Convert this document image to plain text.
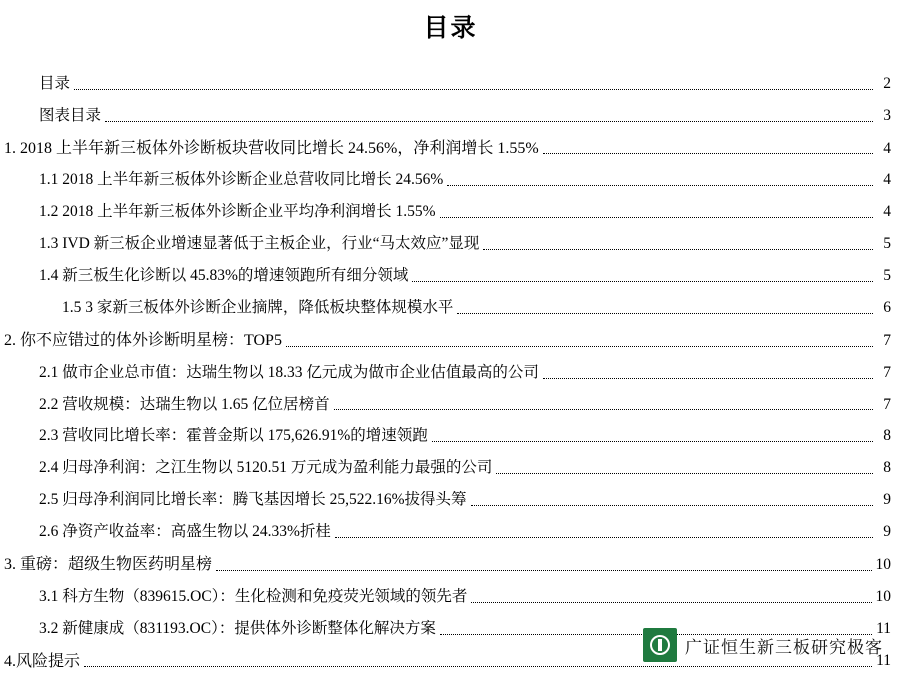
目录
目录	2
图表目录	3
1. 2018 上半年新三板体外诊断板块营收同比增长 24.56%，净利润增长 1.55%	4
1.1 2018 上半年新三板体外诊断企业总营收同比增长 24.56%	4
1.2 2018 上半年新三板体外诊断企业平均净利润增长 1.55%	4
1.3 IVD 新三板企业增速显著低于主板企业，行业“马太效应”显现	5
1.4 新三板生化诊断以 45.83%的增速领跑所有细分领域	5
1.5 3 家新三板体外诊断企业摘牌，降低板块整体规模水平	6
2. 你不应错过的体外诊断明星榜：TOP5	7
2.1 做市企业总市值：达瑞生物以 18.33 亿元成为做市企业估值最高的公司	7
2.2 营收规模：达瑞生物以 1.65 亿位居榜首	7
2.3 营收同比增长率：霍普金斯以 175,626.91%的增速领跑	8
2.4 归母净利润：之江生物以 5120.51 万元成为盈利能力最强的公司	8
2.5 归母净利润同比增长率：腾飞基因增长 25,522.16%拔得头筹	9
2.6 净资产收益率：高盛生物以 24.33%折桂	9
3. 重磅：超级生物医药明星榜	10
3.1 科方生物（839615.OC）：生化检测和免疫荧光领域的领先者	10
3.2 新健康成（831193.OC）：提供体外诊断整体化解决方案	11
4.风险提示	11
广证恒生新三板研究极客
